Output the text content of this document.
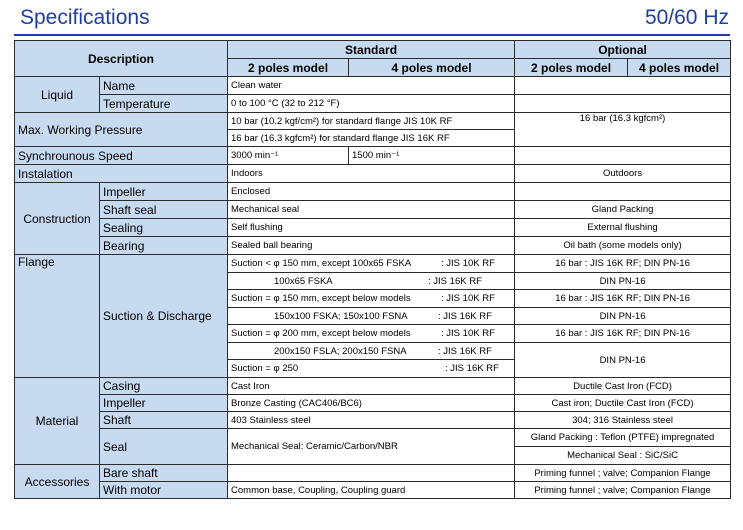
Specifications	50/60 Hz
Description		Standard		Optional	
		2 poles model	4 poles model	2 poles model	4 poles model
Liquid	Name	Clean water			
	Temperature	0 to 100 °C (32 to 212 °F)			
Max. Working Pressure		10 bar (10.2 kgf/cm²) for standard flange JIS 10K RF		16 bar (16.3 kgfcm²)	
		16 bar (16.3 kgfcm²) for standard flange JIS 16K RF			
Synchrounous Speed		3000 min⁻¹	1500 min⁻¹		
Instalation		Indoors		Outdoors	
Construction	Impeller	Enclosed			
	Shaft seal	Mechanical seal		Gland Packing	
	Sealing	Self flushing		External flushing	
	Bearing	Sealed ball bearing		Oil bath (some models only)	
Flange	Suction & Discharge	Suction < φ 150 mm, except 100x65 FSKA : JIS 10K RF		16 bar : JIS 16K RF; DIN PN-16	
		100x65 FSKA : JIS 16K RF		DIN PN-16	
		Suction = φ 150 mm, except below models : JIS 10K RF		16 bar : JIS 16K RF; DIN PN-16	
		150x100 FSKA; 150x100 FSNA : JIS 16K RF		DIN PN-16	
		Suction = φ 200 mm, except below models : JIS 10K RF		16 bar : JIS 16K RF; DIN PN-16	
		200x150 FSLA; 200x150 FSNA : JIS 16K RF		DIN PN-16	
		Suction = φ 250 : JIS 16K RF			
Material	Casing	Cast Iron		Ductile Cast Iron (FCD)	
	Impeller	Bronze Casting (CAC406/BC6)		Cast iron; Ductile Cast Iron (FCD)	
	Shaft	403 Stainless steel		304; 316 Stainless steel	
	Seal	Mechanical Seal: Ceramic/Carbon/NBR		Gland Packing : Teflon (PTFE) impregnated	
				Mechanical Seal : SiC/SiC	
Accessories	Bare shaft			Priming funnel ; valve; Companion Flange	
	With motor	Common base, Coupling, Coupling guard		Priming funnel ; valve; Companion Flange	
